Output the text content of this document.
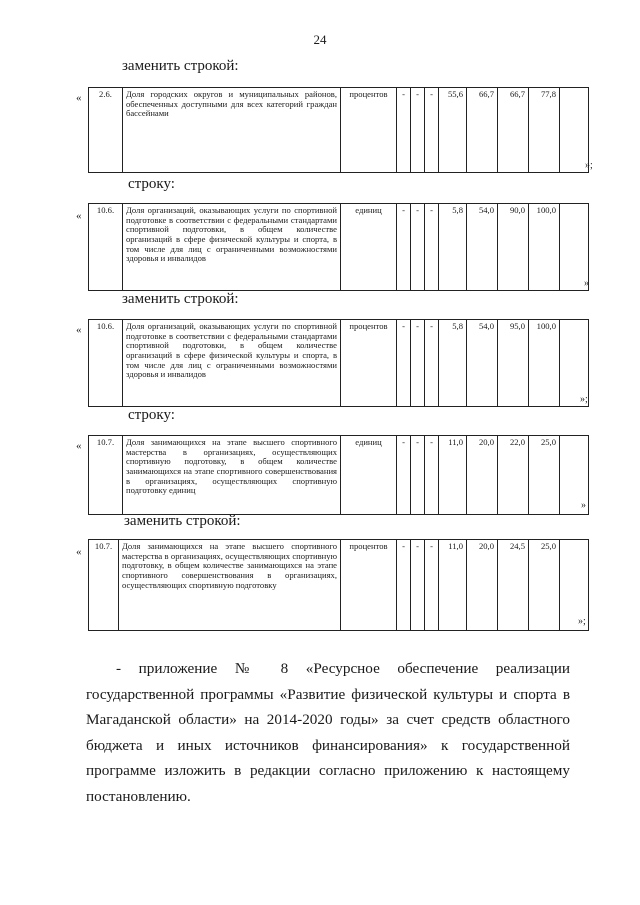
24
заменить строкой:
« 2.6.	Доля городских округов и муниципальных районов, обеспеченных доступными для всех категорий граждан бассейнами	процентов	-	-	-	55,6	66,7	66,7	77,8	
»;
строку:
« 10.6.	Доля организаций, оказывающих услуги по спортивной подготовке в соответствии с федеральными стандартами спортивной подготовки, в общем количестве организаций в сфере физической культуры и спорта, в том числе для лиц с ограниченными возможностями здоровья и инвалидов	единиц	-	-	-	5,8	54,0	90,0	100,0	
»
заменить строкой:
« 10.6.	Доля организаций, оказывающих услуги по спортивной подготовке в соответствии с федеральными стандартами спортивной подготовки, в общем количестве организаций в сфере физической культуры и спорта, в том числе для лиц с ограниченными возможностями здоровья и инвалидов	процентов	-	-	-	5,8	54,0	95,0	100,0	
»;
строку:
« 10.7.	Доля занимающихся на этапе высшего спортивного мастерства в организациях, осуществляющих спортивную подготовку, в общем количестве занимающихся на этапе спортивного совершенствования в организациях, осуществляющих спортивную подготовку единиц	единиц	-	-	-	11,0	20,0	22,0	25,0	
»
заменить строкой:
« 10.7.	Доля занимающихся на этапе высшего спортивного мастерства в организациях, осуществляющих спортивную подготовку, в общем количестве занимающихся на этапе спортивного совершенствования в организациях, осуществляющих спортивную подготовку	процентов	-	-	-	11,0	20,0	24,5	25,0	
»;
- приложение № 8 «Ресурсное обеспечение реализации государственной программы «Развитие физической культуры и спорта в Магаданской области» на 2014-2020 годы» за счет средств областного бюджета и иных источников финансирования» к государственной программе изложить в редакции согласно приложению к настоящему постановлению.
